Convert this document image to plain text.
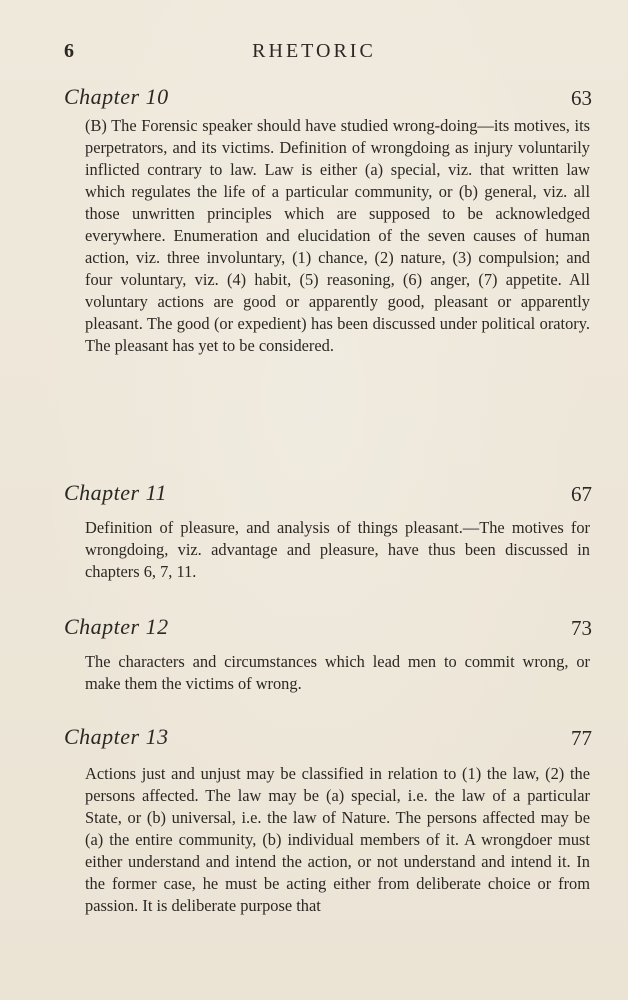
6	RHETORIC
Chapter 10	63

(B) The Forensic speaker should have studied wrong-doing—its motives, its perpetrators, and its victims. Definition of wrongdoing as injury voluntarily inflicted contrary to law. Law is either (a) special, viz. that written law which regulates the life of a particular community, or (b) general, viz. all those unwritten principles which are supposed to be acknowledged everywhere. Enumeration and elucidation of the seven causes of human action, viz. three involuntary, (1) chance, (2) nature, (3) compulsion; and four voluntary, viz. (4) habit, (5) reasoning, (6) anger, (7) appetite. All voluntary actions are good or apparently good, pleasant or apparently pleasant. The good (or expedient) has been discussed under political oratory. The pleasant has yet to be considered.

Chapter 11	67

Definition of pleasure, and analysis of things pleasant.—The motives for wrongdoing, viz. advantage and pleasure, have thus been discussed in chapters 6, 7, 11.

Chapter 12	73

The characters and circumstances which lead men to commit wrong, or make them the victims of wrong.

Chapter 13	77

Actions just and unjust may be classified in relation to (1) the law, (2) the persons affected. The law may be (a) special, i.e. the law of a particular State, or (b) universal, i.e. the law of Nature. The persons affected may be (a) the entire community, (b) individual members of it. A wrongdoer must either understand and intend the action, or not understand and intend it. In the former case, he must be acting either from deliberate choice or from passion. It is deliberate purpose that
